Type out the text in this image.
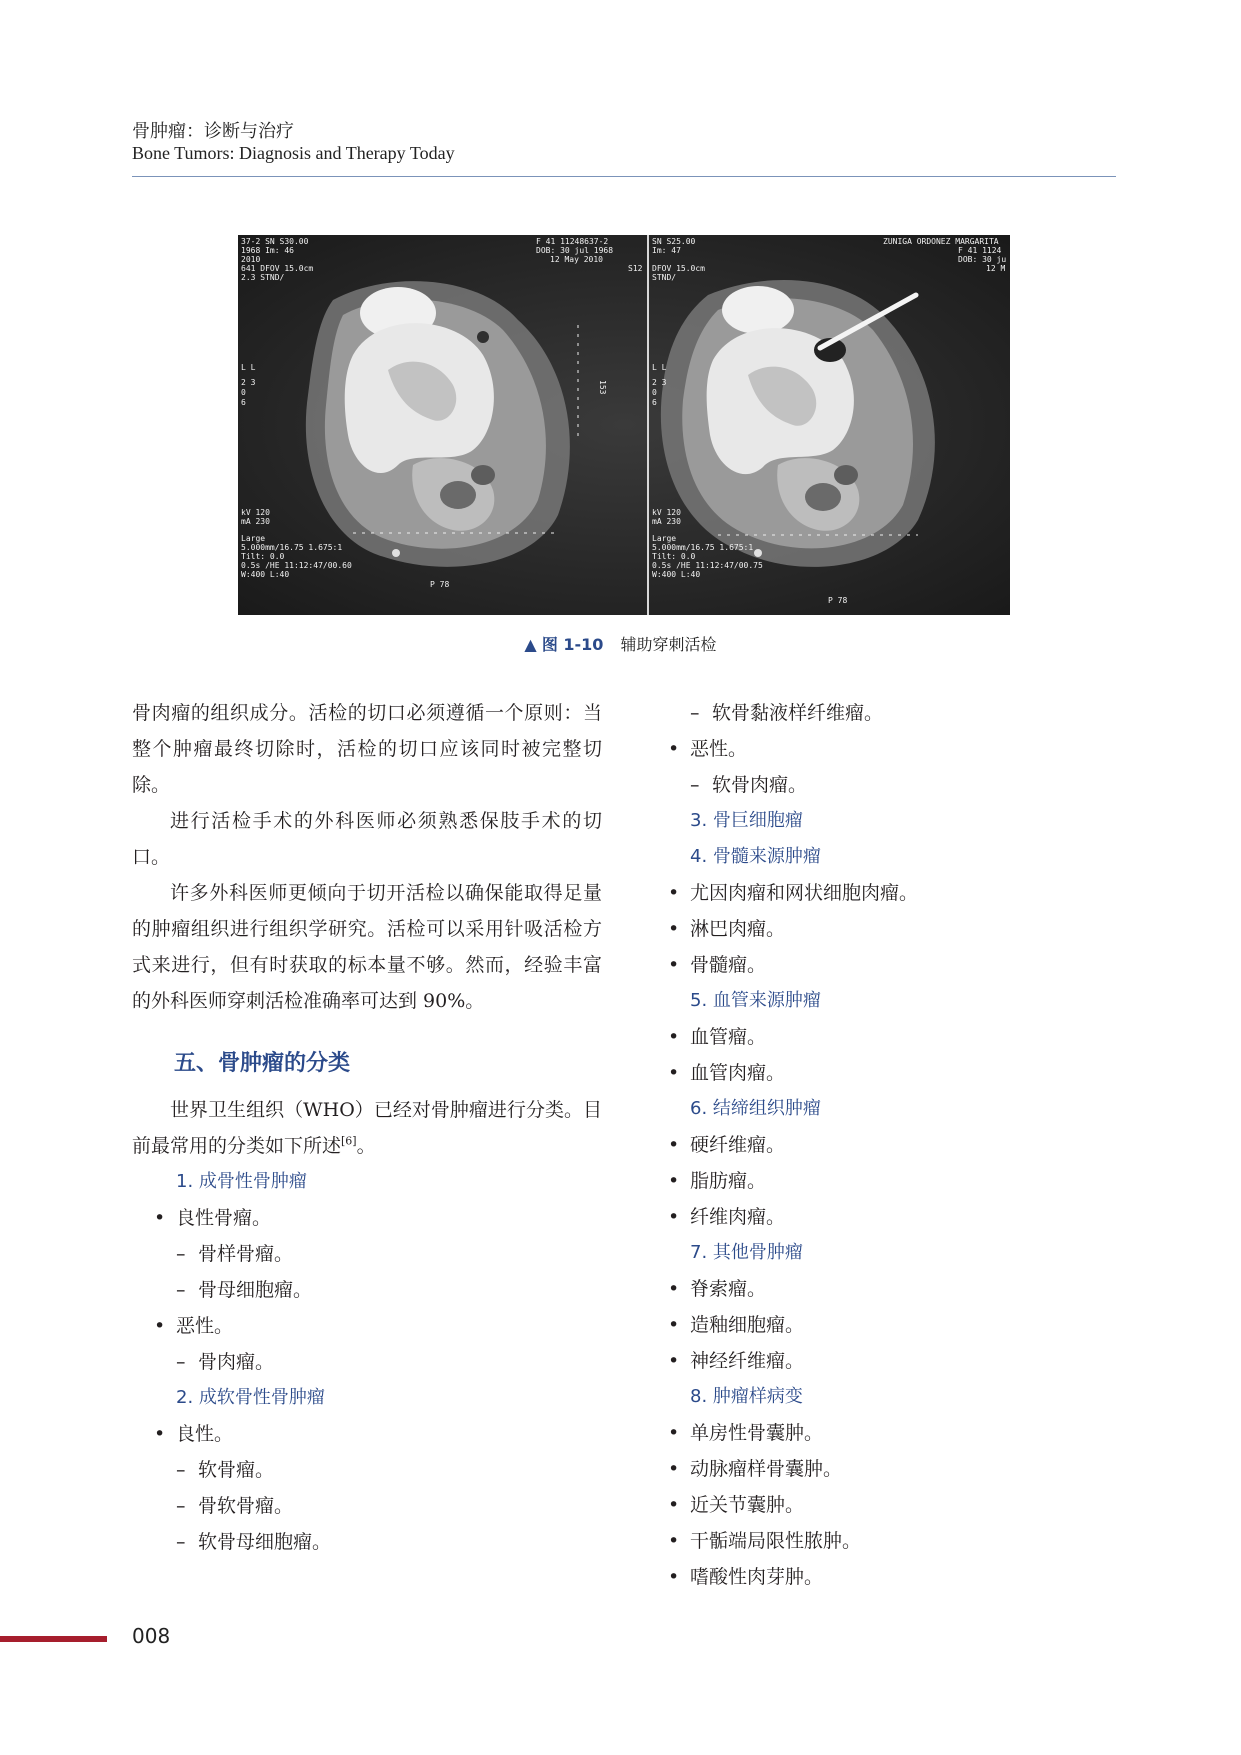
骨肿瘤：诊断与治疗
Bone Tumors: Diagnosis and Therapy Today
37-2 SN S30.00
1968 Im: 46
2010
641 DFOV 15.0cm
2.3 STND/
F 41 11248637-2
DOB: 30 jul 1968
12 May 2010
S12
L L
2 3
0
6
kV 120
mA 230
Large
5.000mm/16.75 1.675:1
Tilt: 0.0
0.5s /HE 11:12:47/00.60
W:400 L:40
P 78
153
SN S25.00
Im: 47
DFOV 15.0cm
STND/
ZUNIGA ORDONEZ MARGARITA
F 41 1124
DOB: 30 ju
12 M
L L
2 3
0
6
kV 120
mA 230
Large
5.000mm/16.75 1.675:1
Tilt: 0.0
0.5s /HE 11:12:47/00.75
W:400 L:40
P 78
▲ 图 1-10 辅助穿刺活检

骨肉瘤的组织成分。活检的切口必须遵循一个原则：当整个肿瘤最终切除时，活检的切口应该同时被完整切除。

进行活检手术的外科医师必须熟悉保肢手术的切口。

许多外科医师更倾向于切开活检以确保能取得足量的肿瘤组织进行组织学研究。活检可以采用针吸活检方式来进行，但有时获取的标本量不够。然而，经验丰富的外科医师穿刺活检准确率可达到 90%。

五、骨肿瘤的分类

世界卫生组织（WHO）已经对骨肿瘤进行分类。目前最常用的分类如下所述[6]。

1. 成骨性骨肿瘤
• 良性骨瘤。
– 骨样骨瘤。
– 骨母细胞瘤。
• 恶性。
– 骨肉瘤。
2. 成软骨性骨肿瘤
• 良性。
– 软骨瘤。
– 骨软骨瘤。
– 软骨母细胞瘤。
– 软骨黏液样纤维瘤。
• 恶性。
– 软骨肉瘤。
3. 骨巨细胞瘤
4. 骨髓来源肿瘤
• 尤因肉瘤和网状细胞肉瘤。
• 淋巴肉瘤。
• 骨髓瘤。
5. 血管来源肿瘤
• 血管瘤。
• 血管肉瘤。
6. 结缔组织肿瘤
• 硬纤维瘤。
• 脂肪瘤。
• 纤维肉瘤。
7. 其他骨肿瘤
• 脊索瘤。
• 造釉细胞瘤。
• 神经纤维瘤。
8. 肿瘤样病变
• 单房性骨囊肿。
• 动脉瘤样骨囊肿。
• 近关节囊肿。
• 干骺端局限性脓肿。
• 嗜酸性肉芽肿。
008
